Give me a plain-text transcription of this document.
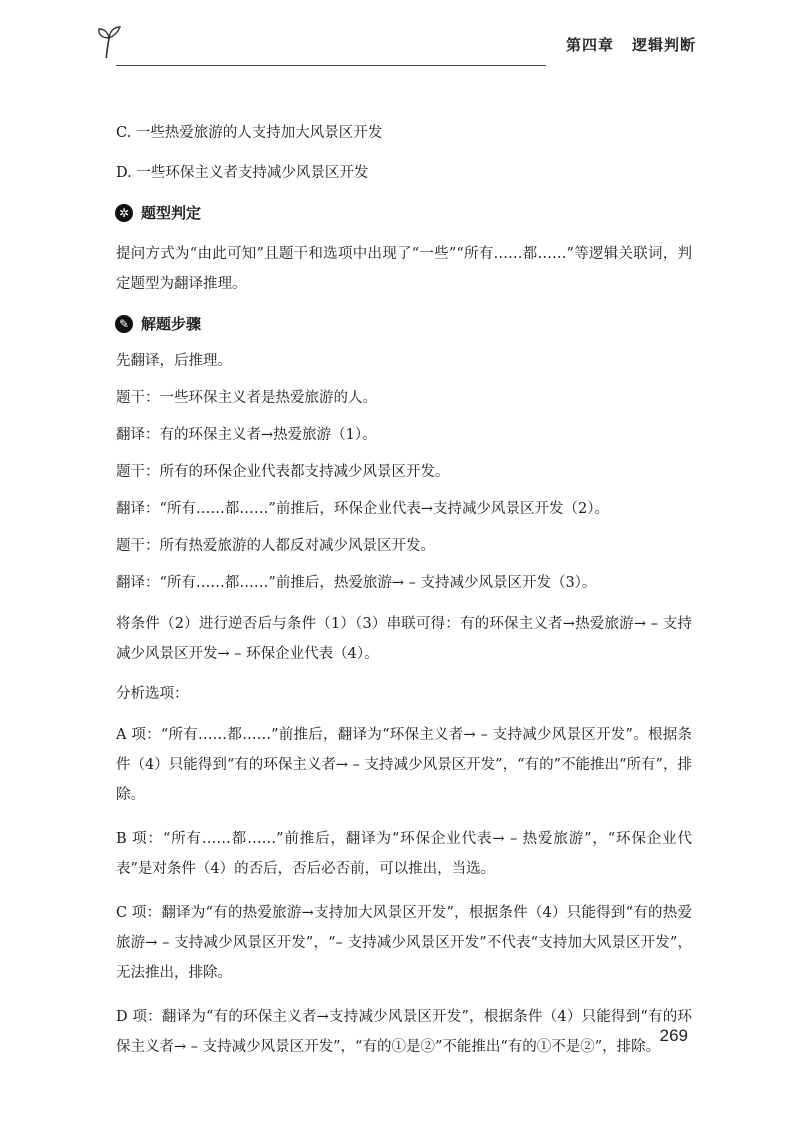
第四章 逻辑判断
C. 一些热爱旅游的人支持加大风景区开发
D. 一些环保主义者支持减少风景区开发
✲ 题型判定
提问方式为“由此可知”且题干和选项中出现了“一些”“所有……都……”等逻辑关联词，判定题型为翻译推理。
✎ 解题步骤
先翻译，后推理。
题干：一些环保主义者是热爱旅游的人。
翻译：有的环保主义者→热爱旅游（1）。
题干：所有的环保企业代表都支持减少风景区开发。
翻译：“所有……都……”前推后，环保企业代表→支持减少风景区开发（2）。
题干：所有热爱旅游的人都反对减少风景区开发。
翻译：“所有……都……”前推后，热爱旅游→ – 支持减少风景区开发（3）。
将条件（2）进行逆否后与条件（1）（3）串联可得：有的环保主义者→热爱旅游→ – 支持减少风景区开发→ – 环保企业代表（4）。
分析选项：
A 项：“所有……都……”前推后，翻译为“环保主义者→ – 支持减少风景区开发”。根据条件（4）只能得到“有的环保主义者→ – 支持减少风景区开发”，“有的”不能推出“所有”，排除。
B 项：“所有……都……”前推后，翻译为“环保企业代表→ – 热爱旅游”，“环保企业代表”是对条件（4）的否后，否后必否前，可以推出，当选。
C 项：翻译为“有的热爱旅游→支持加大风景区开发”，根据条件（4）只能得到“有的热爱旅游→ – 支持减少风景区开发”，“– 支持减少风景区开发”不代表“支持加大风景区开发”，无法推出，排除。
D 项：翻译为“有的环保主义者→支持减少风景区开发”，根据条件（4）只能得到“有的环保主义者→ – 支持减少风景区开发”，“有的①是②”不能推出“有的①不是②”，排除。
269
